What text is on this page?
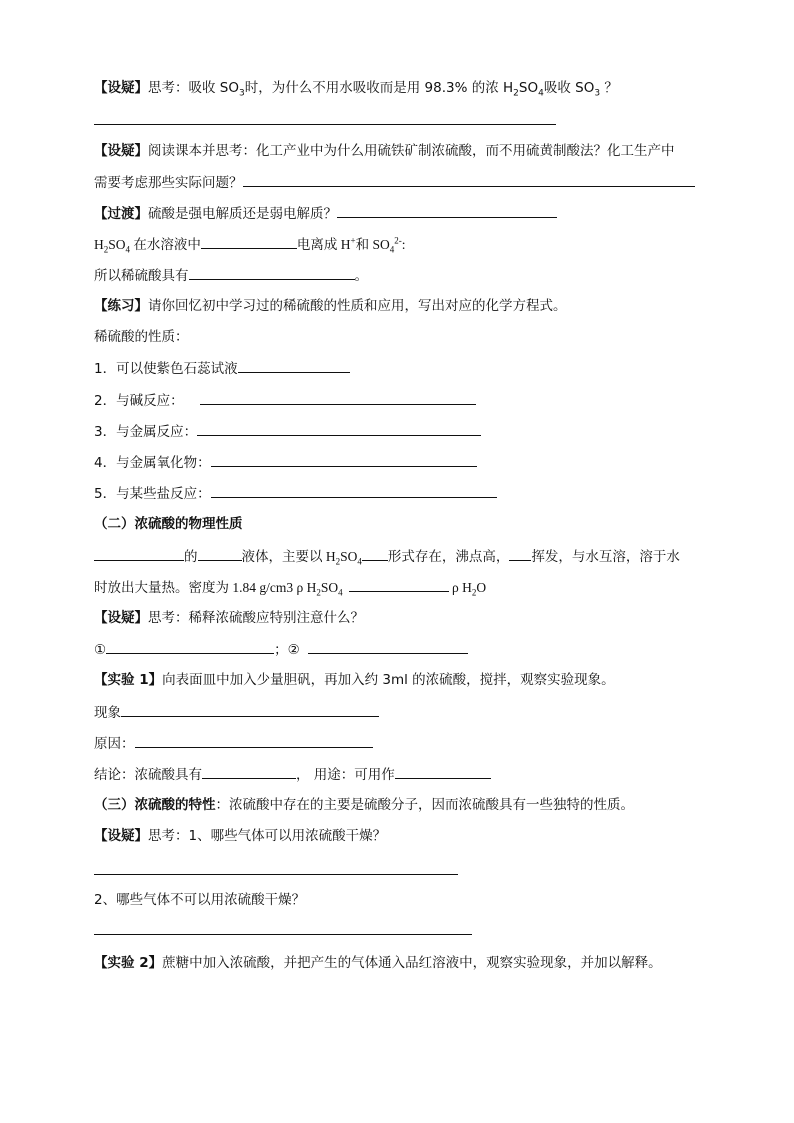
【设疑】思考：吸收 $SO_3$时，为什么不用水吸收而是用 98.3% 的浓 $H_2SO_4$吸收 $SO_3$ ？
【设疑】阅读课本并思考：化工产业中为什么用硫铁矿制浓硫酸，而不用硫黄制酸法？化工生产中
需要考虑那些实际问题？
【过渡】硫酸是强电解质还是弱电解质？
$H_2SO_4$ 在水溶液中	电离成 H+和 $SO_4^{2-}$:
所以稀硫酸具有	。
【练习】请你回忆初中学习过的稀硫酸的性质和应用，写出对应的化学方程式。
稀硫酸的性质：
1．可以使紫色石蕊试液
2．与碱反应：
3．与金属反应：
4．与金属氧化物：
5．与某些盐反应：
（二）浓硫酸的物理性质
的	液体，主要以 $H_2SO_4$ 形式存在，沸点高， 挥发，与水互溶，溶于水
时放出大量热。密度为 1.84 g/cm3 ρ $H_2SO_4$	ρ $H_2O$
【设疑】思考：稀释浓硫酸应特别注意什么？
①	；②
【实验 1】向表面皿中加入少量胆矾，再加入约 3ml 的浓硫酸，搅拌，观察实验现象。
现象
原因：
结论：浓硫酸具有	， 用途：可用作
（三）浓硫酸的特性：浓硫酸中存在的主要是硫酸分子，因而浓硫酸具有一些独特的性质。
【设疑】思考：1、哪些气体可以用浓硫酸干燥？
2、哪些气体不可以用浓硫酸干燥？
【实验 2】蔗糖中加入浓硫酸，并把产生的气体通入品红溶液中，观察实验现象，并加以解释。
